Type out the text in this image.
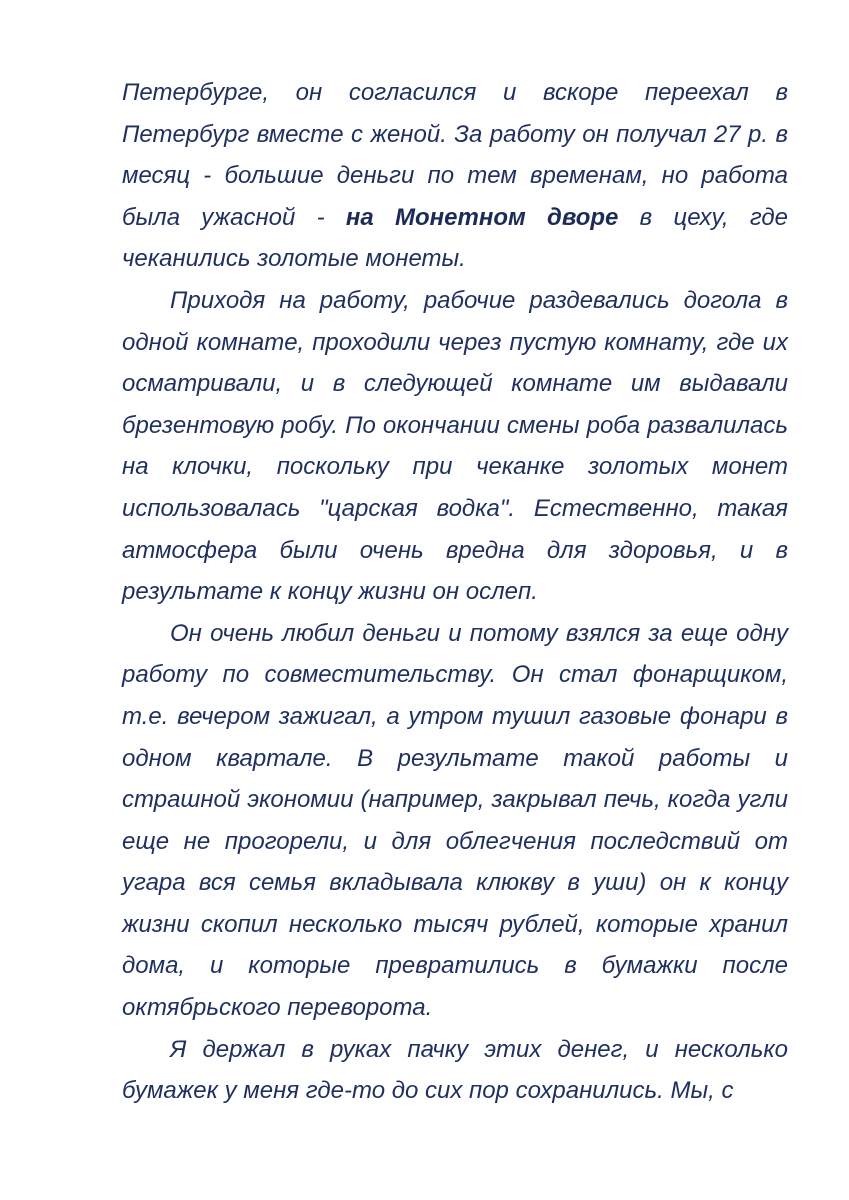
Петербурге, он согласился и вскоре переехал в Петербург вместе с женой. За работу он получал 27 р. в месяц - большие деньги по тем временам, но работа была ужасной - на Монетном дворе в цеху, где чеканились золотые монеты.

Приходя на работу, рабочие раздевались догола в одной комнате, проходили через пустую комнату, где их осматривали, и в следующей комнате им выдавали брезентовую робу. По окончании смены роба развалилась на клочки, поскольку при чеканке золотых монет использовалась "царская водка". Естественно, такая атмосфера были очень вредна для здоровья, и в результате к концу жизни он ослеп.

Он очень любил деньги и потому взялся за еще одну работу по совместительству. Он стал фонарщиком, т.е. вечером зажигал, а утром тушил газовые фонари в одном квартале. В результате такой работы и страшной экономии (например, закрывал печь, когда угли еще не прогорели, и для облегчения последствий от угара вся семья вкладывала клюкву в уши) он к концу жизни скопил несколько тысяч рублей, которые хранил дома, и которые превратились в бумажки после октябрьского переворота.

Я держал в руках пачку этих денег, и несколько бумажек у меня где-то до сих пор сохранились. Мы, с
